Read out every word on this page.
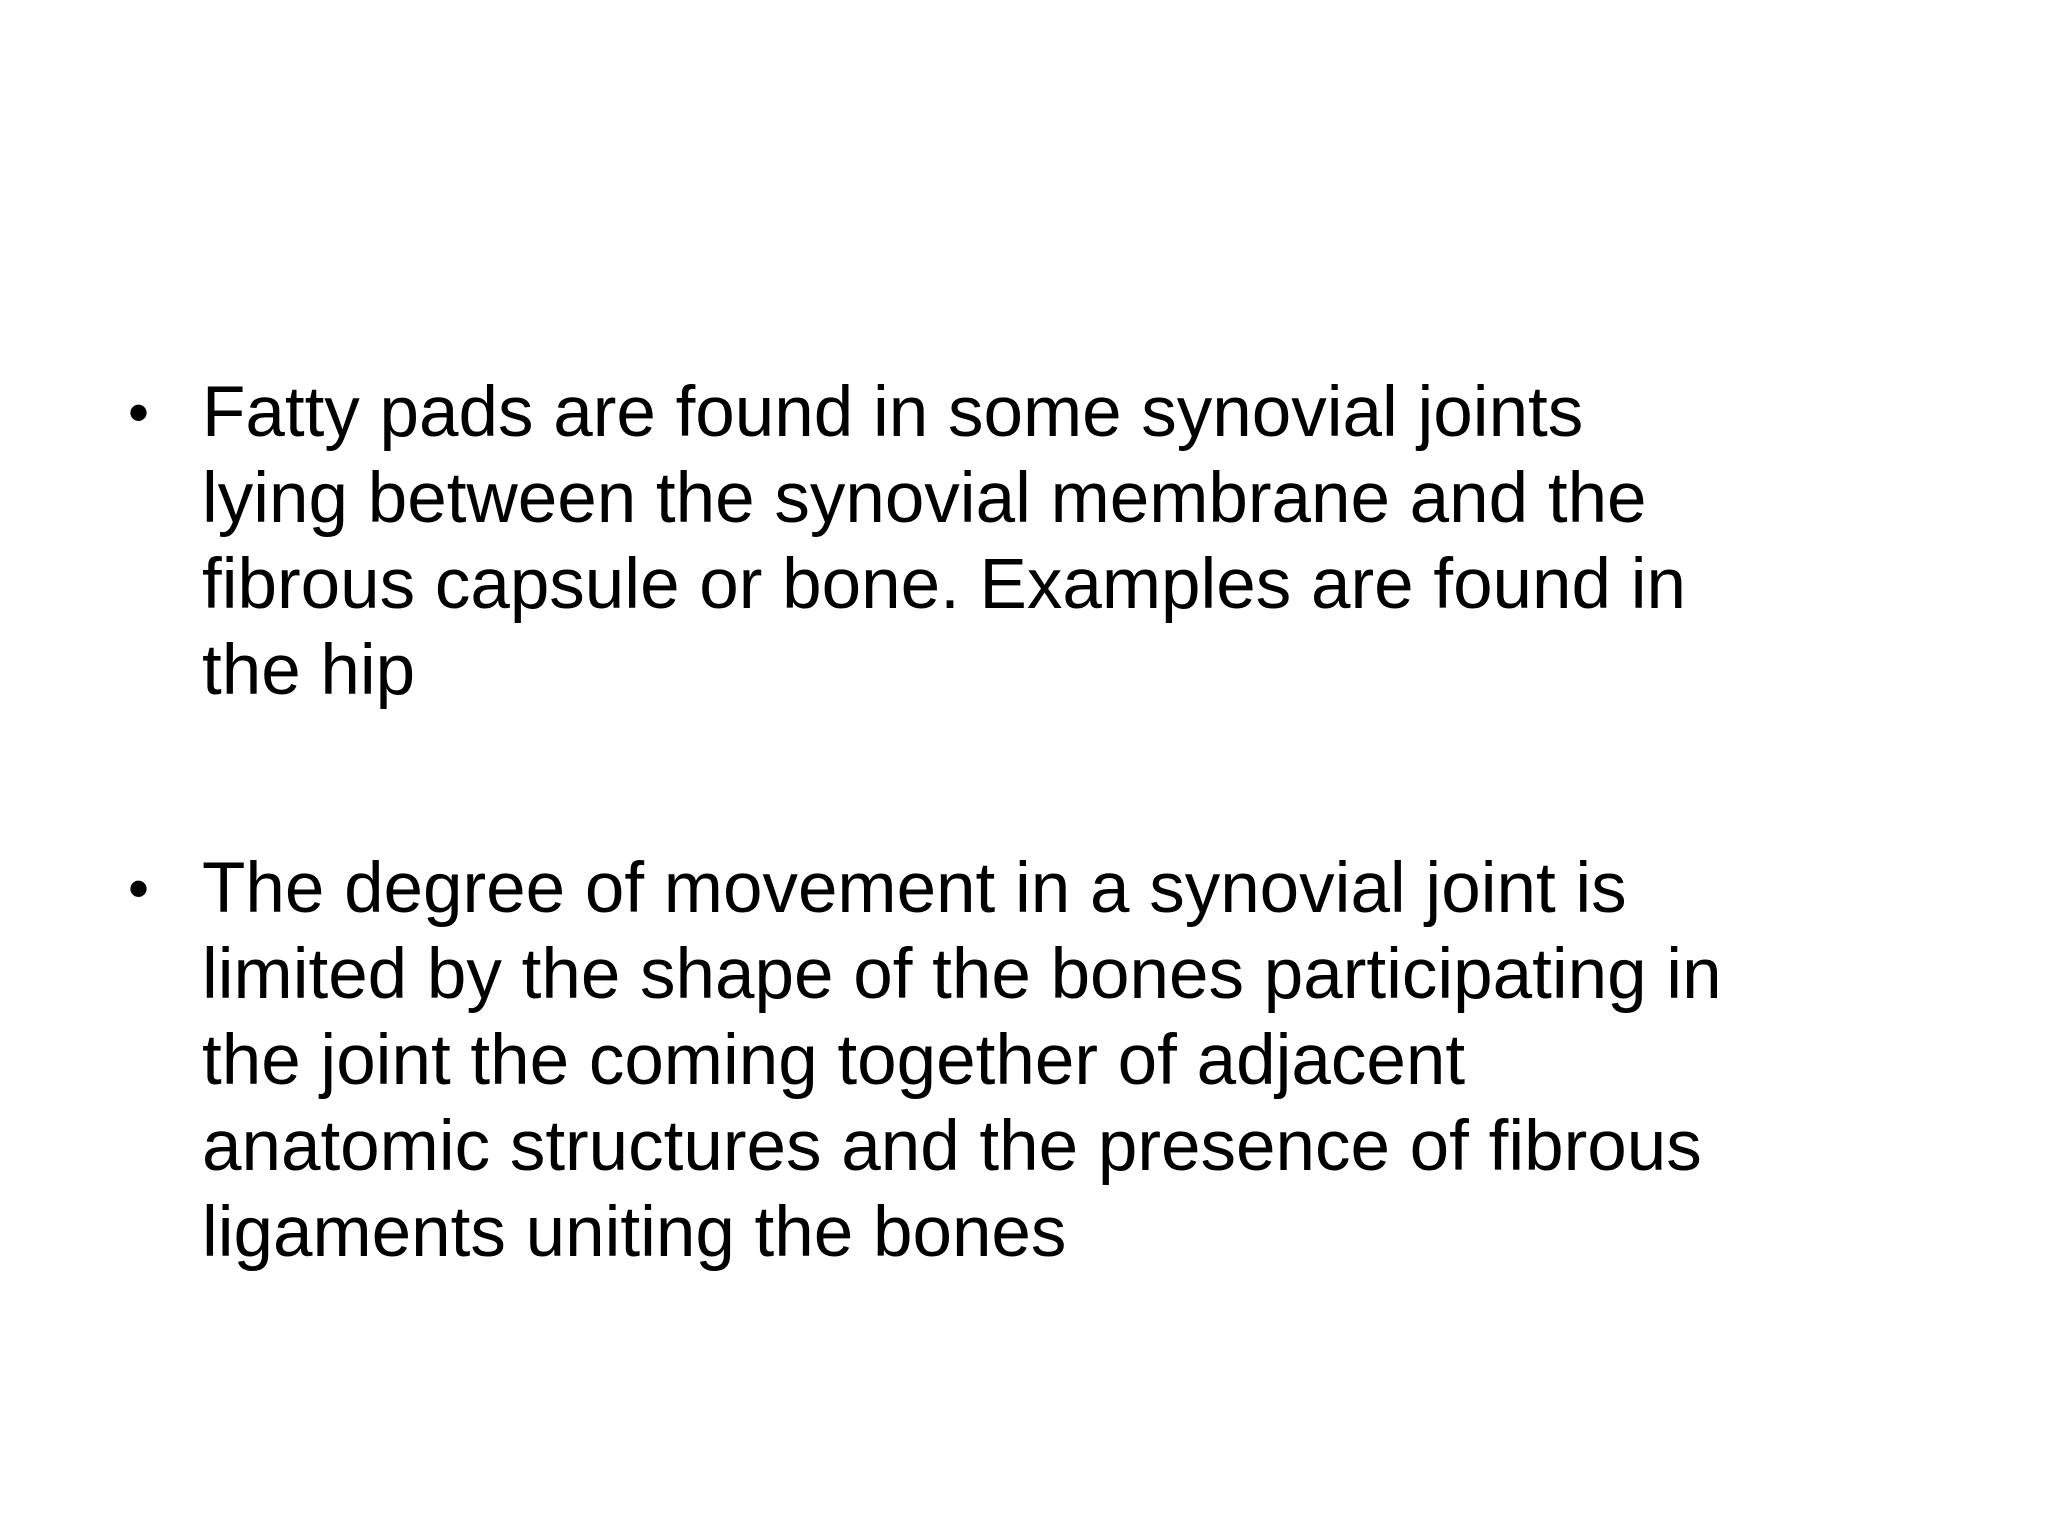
• Fatty pads are found in some synovial joints
lying between the synovial membrane and the
fibrous capsule or bone. Examples are found in
the hip
• The degree of movement in a synovial joint is
limited by the shape of the bones participating in
the joint the coming together of adjacent
anatomic structures and the presence of fibrous
ligaments uniting the bones
